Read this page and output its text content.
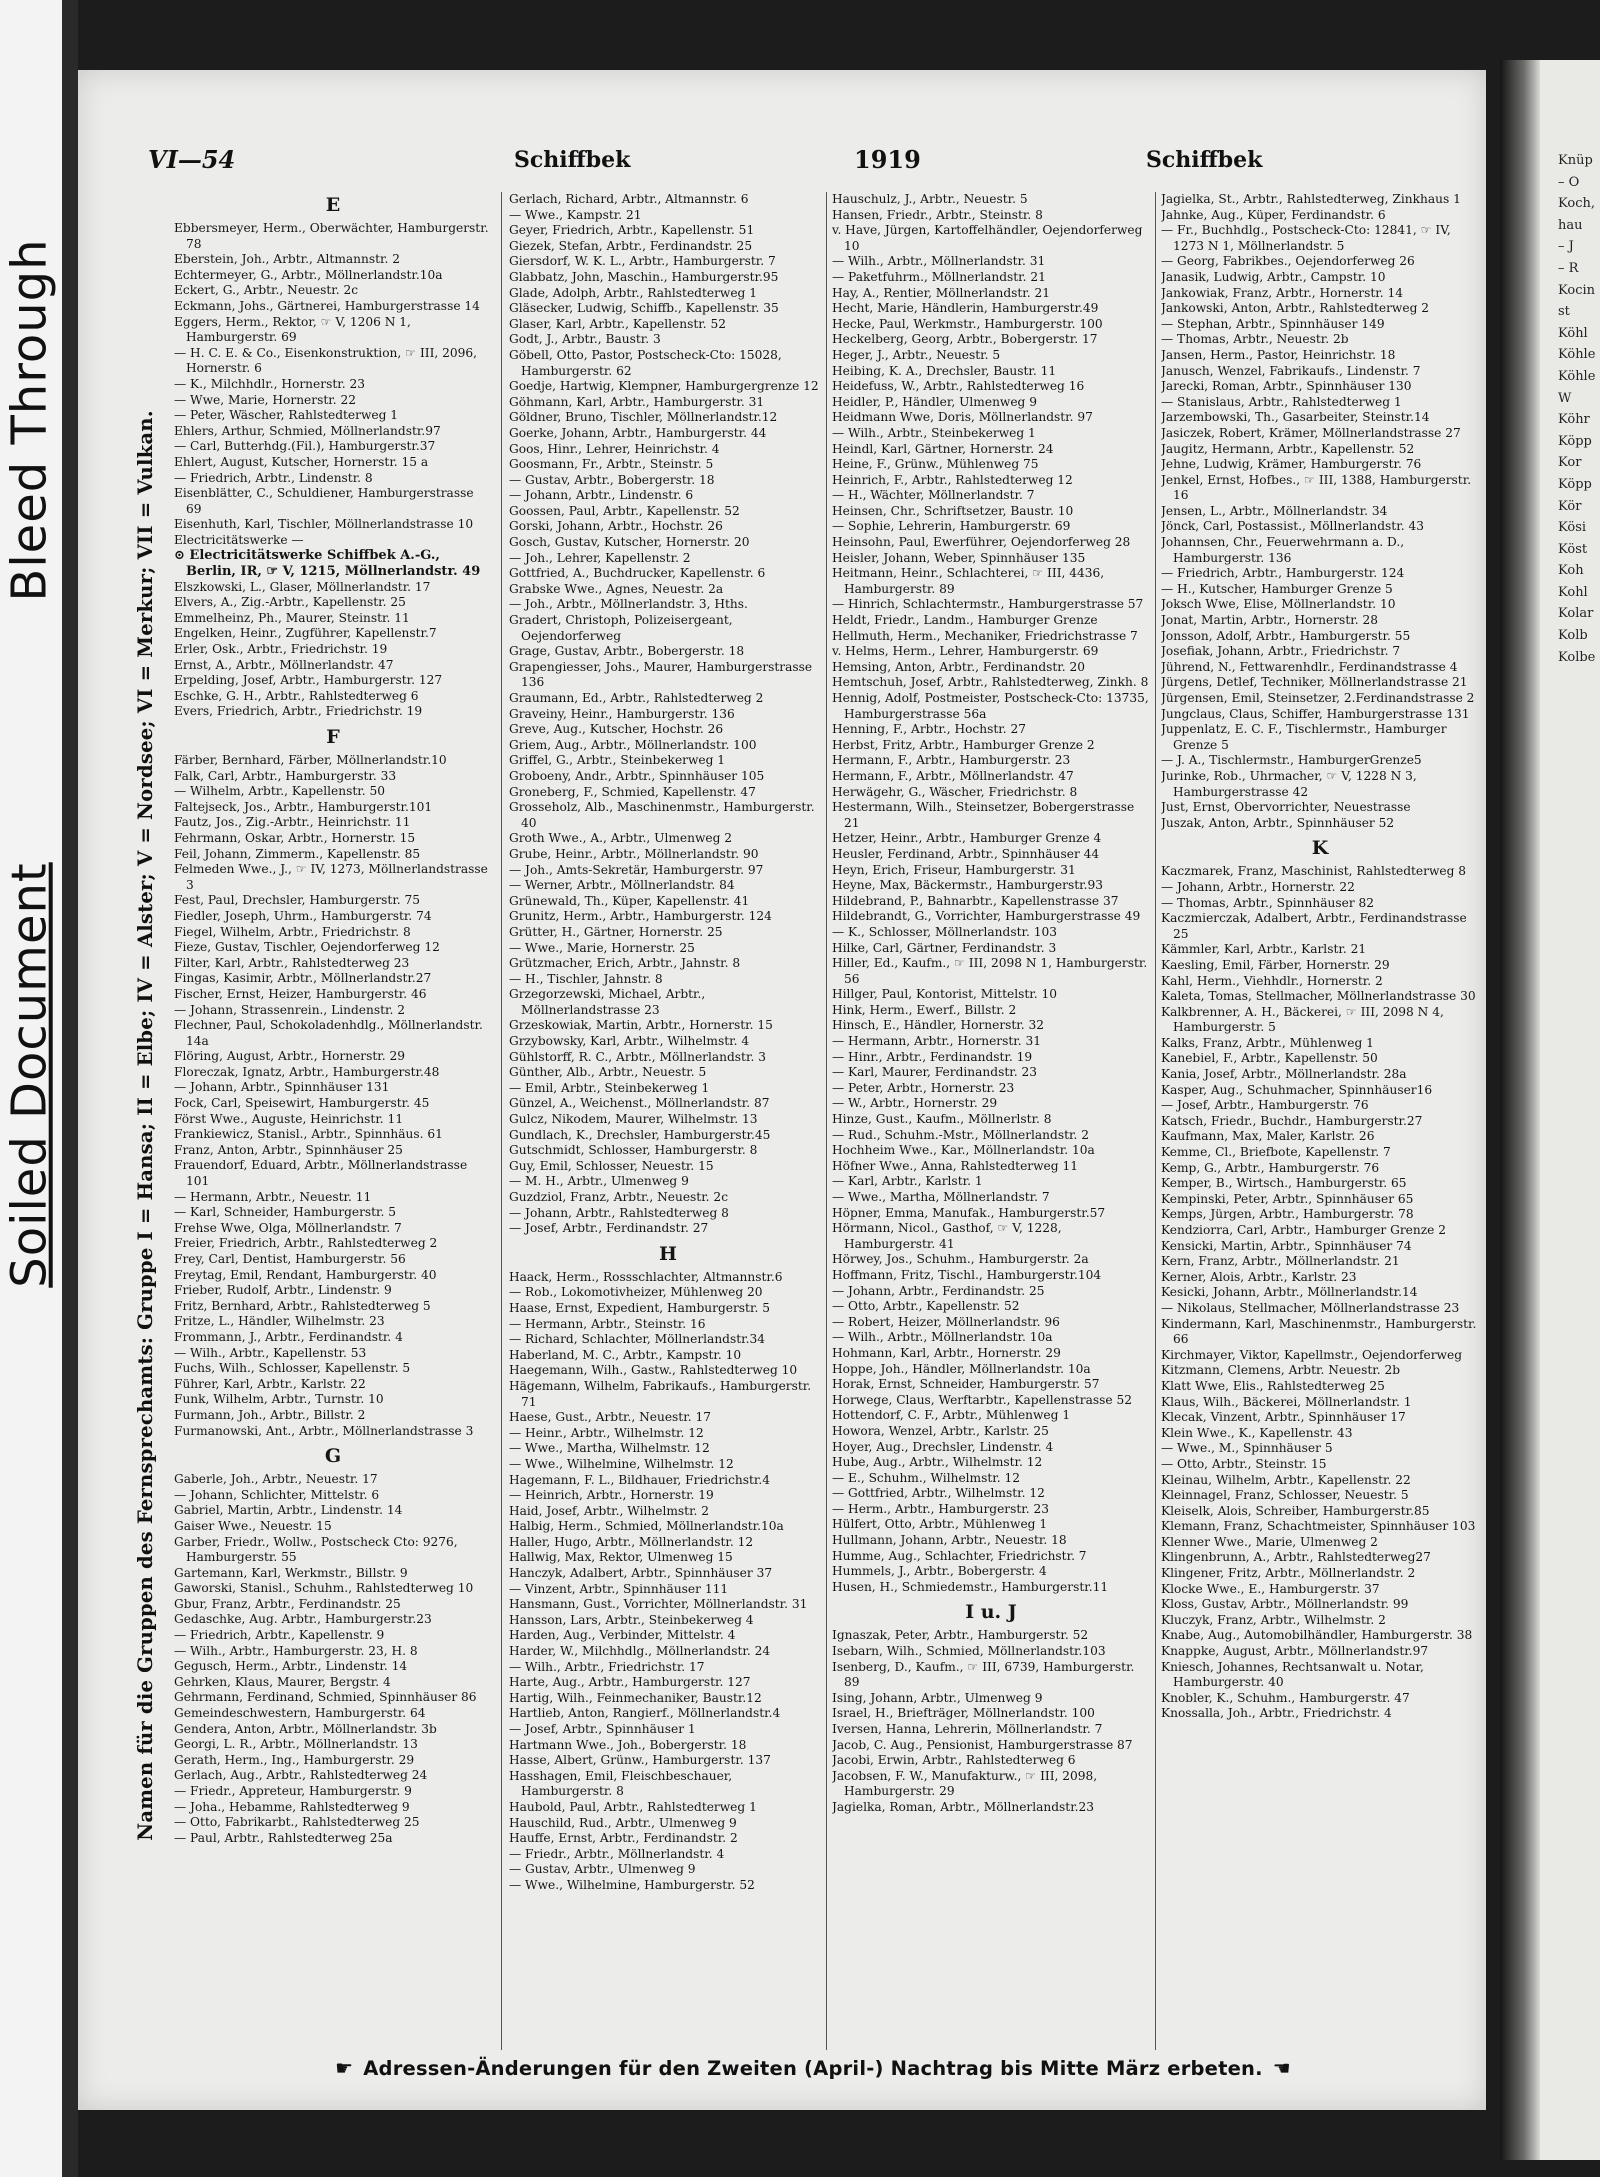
Bleed Through
Soiled Document
VI—54	Schiffbek	1919	Schiffbek
Namen für die Gruppen des Fernsprechamts: Gruppe I = Hansa; II = Elbe; IV = Alster; V = Nordsee; VI = Merkur; VII = Vulkan.
E
Ebbersmeyer, Herm., Oberwächter, Hamburgerstr. 78
Eberstein, Joh., Arbtr., Altmannstr. 2
Echtermeyer, G., Arbtr., Möllnerlandstr.10a
Eckert, G., Arbtr., Neuestr. 2c
Eckmann, Johs., Gärtnerei, Hamburgerstrasse 14
Eggers, Herm., Rektor, ☞ V, 1206 N 1, Hamburgerstr. 69
— H. C. E. & Co., Eisenkonstruktion, ☞ III, 2096, Hornerstr. 6
— K., Milchhdlr., Hornerstr. 23
— Wwe, Marie, Hornerstr. 22
— Peter, Wäscher, Rahlstedterweg 1
Ehlers, Arthur, Schmied, Möllnerlandstr.97
— Carl, Butterhdg.(Fil.), Hamburgerstr.37
Ehlert, August, Kutscher, Hornerstr. 15 a
— Friedrich, Arbtr., Lindenstr. 8
Eisenblätter, C., Schuldiener, Hamburgerstrasse 69
Eisenhuth, Karl, Tischler, Möllnerlandstrasse 10
Electricitätswerke —
⊙ Electricitätswerke Schiffbek A.-G., Berlin, IR, ☞ V, 1215, Möllnerlandstr. 49
Elszkowski, L., Glaser, Möllnerlandstr. 17
Elvers, A., Zig.-Arbtr., Kapellenstr. 25
Emmelheinz, Ph., Maurer, Steinstr. 11
Engelken, Heinr., Zugführer, Kapellenstr.7
Erler, Osk., Arbtr., Friedrichstr. 19
Ernst, A., Arbtr., Möllnerlandstr. 47
Erpelding, Josef, Arbtr., Hamburgerstr. 127
Eschke, G. H., Arbtr., Rahlstedterweg 6
Evers, Friedrich, Arbtr., Friedrichstr. 19
F
Färber, Bernhard, Färber, Möllnerlandstr.10
Falk, Carl, Arbtr., Hamburgerstr. 33
— Wilhelm, Arbtr., Kapellenstr. 50
Faltejseck, Jos., Arbtr., Hamburgerstr.101
Fautz, Jos., Zig.-Arbtr., Heinrichstr. 11
Fehrmann, Oskar, Arbtr., Hornerstr. 15
Feil, Johann, Zimmerm., Kapellenstr. 85
Felmeden Wwe., J., ☞ IV, 1273, Möllnerlandstrasse 3
Fest, Paul, Drechsler, Hamburgerstr. 75
Fiedler, Joseph, Uhrm., Hamburgerstr. 74
Fiegel, Wilhelm, Arbtr., Friedrichstr. 8
Fieze, Gustav, Tischler, Oejendorferweg 12
Filter, Karl, Arbtr., Rahlstedterweg 23
Fingas, Kasimir, Arbtr., Möllnerlandstr.27
Fischer, Ernst, Heizer, Hamburgerstr. 46
— Johann, Strassenrein., Lindenstr. 2
Flechner, Paul, Schokoladenhdlg., Möllnerlandstr. 14a
Flöring, August, Arbtr., Hornerstr. 29
Floreczak, Ignatz, Arbtr., Hamburgerstr.48
— Johann, Arbtr., Spinnhäuser 131
Fock, Carl, Speisewirt, Hamburgerstr. 45
Först Wwe., Auguste, Heinrichstr. 11
Frankiewicz, Stanisl., Arbtr., Spinnhäus. 61
Franz, Anton, Arbtr., Spinnhäuser 25
Frauendorf, Eduard, Arbtr., Möllnerlandstrasse 101
— Hermann, Arbtr., Neuestr. 11
— Karl, Schneider, Hamburgerstr. 5
Frehse Wwe, Olga, Möllnerlandstr. 7
Freier, Friedrich, Arbtr., Rahlstedterweg 2
Frey, Carl, Dentist, Hamburgerstr. 56
Freytag, Emil, Rendant, Hamburgerstr. 40
Frieber, Rudolf, Arbtr., Lindenstr. 9
Fritz, Bernhard, Arbtr., Rahlstedterweg 5
Fritze, L., Händler, Wilhelmstr. 23
Frommann, J., Arbtr., Ferdinandstr. 4
— Wilh., Arbtr., Kapellenstr. 53
Fuchs, Wilh., Schlosser, Kapellenstr. 5
Führer, Karl, Arbtr., Karlstr. 22
Funk, Wilhelm, Arbtr., Turnstr. 10
Furmann, Joh., Arbtr., Billstr. 2
Furmanowski, Ant., Arbtr., Möllnerlandstrasse 3
G
Gaberle, Joh., Arbtr., Neuestr. 17
— Johann, Schlichter, Mittelstr. 6
Gabriel, Martin, Arbtr., Lindenstr. 14
Gaiser Wwe., Neuestr. 15
Garber, Friedr., Wollw., Postscheck Cto: 9276, Hamburgerstr. 55
Gartemann, Karl, Werkmstr., Billstr. 9
Gaworski, Stanisl., Schuhm., Rahlstedterweg 10
Gbur, Franz, Arbtr., Ferdinandstr. 25
Gedaschke, Aug. Arbtr., Hamburgerstr.23
— Friedrich, Arbtr., Kapellenstr. 9
— Wilh., Arbtr., Hamburgerstr. 23, H. 8
Gegusch, Herm., Arbtr., Lindenstr. 14
Gehrken, Klaus, Maurer, Bergstr. 4
Gehrmann, Ferdinand, Schmied, Spinnhäuser 86
Gemeindeschwestern, Hamburgerstr. 64
Gendera, Anton, Arbtr., Möllnerlandstr. 3b
Georgi, L. R., Arbtr., Möllnerlandstr. 13
Gerath, Herm., Ing., Hamburgerstr. 29
Gerlach, Aug., Arbtr., Rahlstedterweg 24
— Friedr., Appreteur, Hamburgerstr. 9
— Joha., Hebamme, Rahlstedterweg 9
— Otto, Fabrikarbt., Rahlstedterweg 25
— Paul, Arbtr., Rahlstedterweg 25a
Gerlach, Richard, Arbtr., Altmannstr. 6
— Wwe., Kampstr. 21
Geyer, Friedrich, Arbtr., Kapellenstr. 51
Giezek, Stefan, Arbtr., Ferdinandstr. 25
Giersdorf, W. K. L., Arbtr., Hamburgerstr. 7
Glabbatz, John, Maschin., Hamburgerstr.95
Glade, Adolph, Arbtr., Rahlstedterweg 1
Gläsecker, Ludwig, Schiffb., Kapellenstr. 35
Glaser, Karl, Arbtr., Kapellenstr. 52
Godt, J., Arbtr., Baustr. 3
Göbell, Otto, Pastor, Postscheck-Cto: 15028, Hamburgerstr. 62
Goedje, Hartwig, Klempner, Hamburgergrenze 12
Göhmann, Karl, Arbtr., Hamburgerstr. 31
Göldner, Bruno, Tischler, Möllnerlandstr.12
Goerke, Johann, Arbtr., Hamburgerstr. 44
Goos, Hinr., Lehrer, Heinrichstr. 4
Goosmann, Fr., Arbtr., Steinstr. 5
— Gustav, Arbtr., Bobergerstr. 18
— Johann, Arbtr., Lindenstr. 6
Goossen, Paul, Arbtr., Kapellenstr. 52
Gorski, Johann, Arbtr., Hochstr. 26
Gosch, Gustav, Kutscher, Hornerstr. 20
— Joh., Lehrer, Kapellenstr. 2
Gottfried, A., Buchdrucker, Kapellenstr. 6
Grabske Wwe., Agnes, Neuestr. 2a
— Joh., Arbtr., Möllnerlandstr. 3, Hths.
Gradert, Christoph, Polizeisergeant, Oejendorferweg
Grage, Gustav, Arbtr., Bobergerstr. 18
Grapengiesser, Johs., Maurer, Hamburgerstrasse 136
Graumann, Ed., Arbtr., Rahlstedterweg 2
Graveiny, Heinr., Hamburgerstr. 136
Greve, Aug., Kutscher, Hochstr. 26
Griem, Aug., Arbtr., Möllnerlandstr. 100
Griffel, G., Arbtr., Steinbekerweg 1
Groboeny, Andr., Arbtr., Spinnhäuser 105
Groneberg, F., Schmied, Kapellenstr. 47
Grosseholz, Alb., Maschinenmstr., Hamburgerstr. 40
Groth Wwe., A., Arbtr., Ulmenweg 2
Grube, Heinr., Arbtr., Möllnerlandstr. 90
— Joh., Amts-Sekretär, Hamburgerstr. 97
— Werner, Arbtr., Möllnerlandstr. 84
Grünewald, Th., Küper, Kapellenstr. 41
Grunitz, Herm., Arbtr., Hamburgerstr. 124
Grütter, H., Gärtner, Hornerstr. 25
— Wwe., Marie, Hornerstr. 25
Grützmacher, Erich, Arbtr., Jahnstr. 8
— H., Tischler, Jahnstr. 8
Grzegorzewski, Michael, Arbtr., Möllnerlandstrasse 23
Grzeskowiak, Martin, Arbtr., Hornerstr. 15
Grzybowsky, Karl, Arbtr., Wilhelmstr. 4
Gühlstorff, R. C., Arbtr., Möllnerlandstr. 3
Günther, Alb., Arbtr., Neuestr. 5
— Emil, Arbtr., Steinbekerweg 1
Günzel, A., Weichenst., Möllnerlandstr. 87
Gulcz, Nikodem, Maurer, Wilhelmstr. 13
Gundlach, K., Drechsler, Hamburgerstr.45
Gutschmidt, Schlosser, Hamburgerstr. 8
Guy, Emil, Schlosser, Neuestr. 15
— M. H., Arbtr., Ulmenweg 9
Guzdziol, Franz, Arbtr., Neuestr. 2c
— Johann, Arbtr., Rahlstedterweg 8
— Josef, Arbtr., Ferdinandstr. 27
H
Haack, Herm., Rossschlachter, Altmannstr.6
— Rob., Lokomotivheizer, Mühlenweg 20
Haase, Ernst, Expedient, Hamburgerstr. 5
— Hermann, Arbtr., Steinstr. 16
— Richard, Schlachter, Möllnerlandstr.34
Haberland, M. C., Arbtr., Kampstr. 10
Haegemann, Wilh., Gastw., Rahlstedterweg 10
Hägemann, Wilhelm, Fabrikaufs., Hamburgerstr. 71
Haese, Gust., Arbtr., Neuestr. 17
— Heinr., Arbtr., Wilhelmstr. 12
— Wwe., Martha, Wilhelmstr. 12
— Wwe., Wilhelmine, Wilhelmstr. 12
Hagemann, F. L., Bildhauer, Friedrichstr.4
— Heinrich, Arbtr., Hornerstr. 19
Haid, Josef, Arbtr., Wilhelmstr. 2
Halbig, Herm., Schmied, Möllnerlandstr.10a
Haller, Hugo, Arbtr., Möllnerlandstr. 12
Hallwig, Max, Rektor, Ulmenweg 15
Hanczyk, Adalbert, Arbtr., Spinnhäuser 37
— Vinzent, Arbtr., Spinnhäuser 111
Hansmann, Gust., Vorrichter, Möllnerlandstr. 31
Hansson, Lars, Arbtr., Steinbekerweg 4
Harden, Aug., Verbinder, Mittelstr. 4
Harder, W., Milchhdlg., Möllnerlandstr. 24
— Wilh., Arbtr., Friedrichstr. 17
Harte, Aug., Arbtr., Hamburgerstr. 127
Hartig, Wilh., Feinmechaniker, Baustr.12
Hartlieb, Anton, Rangierf., Möllnerlandstr.4
— Josef, Arbtr., Spinnhäuser 1
Hartmann Wwe., Joh., Bobergerstr. 18
Hasse, Albert, Grünw., Hamburgerstr. 137
Hasshagen, Emil, Fleischbeschauer, Hamburgerstr. 8
Haubold, Paul, Arbtr., Rahlstedterweg 1
Hauschild, Rud., Arbtr., Ulmenweg 9
Hauffe, Ernst, Arbtr., Ferdinandstr. 2
— Friedr., Arbtr., Möllnerlandstr. 4
— Gustav, Arbtr., Ulmenweg 9
— Wwe., Wilhelmine, Hamburgerstr. 52
Hauschulz, J., Arbtr., Neuestr. 5
Hansen, Friedr., Arbtr., Steinstr. 8
v. Have, Jürgen, Kartoffelhändler, Oejendorferweg 10
— Wilh., Arbtr., Möllnerlandstr. 31
— Paketfuhrm., Möllnerlandstr. 21
Hay, A., Rentier, Möllnerlandstr. 21
Hecht, Marie, Händlerin, Hamburgerstr.49
Hecke, Paul, Werkmstr., Hamburgerstr. 100
Heckelberg, Georg, Arbtr., Bobergerstr. 17
Heger, J., Arbtr., Neuestr. 5
Heibing, K. A., Drechsler, Baustr. 11
Heidefuss, W., Arbtr., Rahlstedterweg 16
Heidler, P., Händler, Ulmenweg 9
Heidmann Wwe, Doris, Möllnerlandstr. 97
— Wilh., Arbtr., Steinbekerweg 1
Heindl, Karl, Gärtner, Hornerstr. 24
Heine, F., Grünw., Mühlenweg 75
Heinrich, F., Arbtr., Rahlstedterweg 12
— H., Wächter, Möllnerlandstr. 7
Heinsen, Chr., Schriftsetzer, Baustr. 10
— Sophie, Lehrerin, Hamburgerstr. 69
Heinsohn, Paul, Ewerführer, Oejendorferweg 28
Heisler, Johann, Weber, Spinnhäuser 135
Heitmann, Heinr., Schlachterei, ☞ III, 4436, Hamburgerstr. 89
— Hinrich, Schlachtermstr., Hamburgerstrasse 57
Heldt, Friedr., Landm., Hamburger Grenze
Hellmuth, Herm., Mechaniker, Friedrichstrasse 7
v. Helms, Herm., Lehrer, Hamburgerstr. 69
Hemsing, Anton, Arbtr., Ferdinandstr. 20
Hemtschuh, Josef, Arbtr., Rahlstedterweg, Zinkh. 8
Hennig, Adolf, Postmeister, Postscheck-Cto: 13735, Hamburgerstrasse 56a
Henning, F., Arbtr., Hochstr. 27
Herbst, Fritz, Arbtr., Hamburger Grenze 2
Hermann, F., Arbtr., Hamburgerstr. 23
Hermann, F., Arbtr., Möllnerlandstr. 47
Herwägehr, G., Wäscher, Friedrichstr. 8
Hestermann, Wilh., Steinsetzer, Bobergerstrasse 21
Hetzer, Heinr., Arbtr., Hamburger Grenze 4
Heusler, Ferdinand, Arbtr., Spinnhäuser 44
Heyn, Erich, Friseur, Hamburgerstr. 31
Heyne, Max, Bäckermstr., Hamburgerstr.93
Hildebrand, P., Bahnarbtr., Kapellenstrasse 37
Hildebrandt, G., Vorrichter, Hamburgerstrasse 49
— K., Schlosser, Möllnerlandstr. 103
Hilke, Carl, Gärtner, Ferdinandstr. 3
Hiller, Ed., Kaufm., ☞ III, 2098 N 1, Hamburgerstr. 56
Hillger, Paul, Kontorist, Mittelstr. 10
Hink, Herm., Ewerf., Billstr. 2
Hinsch, E., Händler, Hornerstr. 32
— Hermann, Arbtr., Hornerstr. 31
— Hinr., Arbtr., Ferdinandstr. 19
— Karl, Maurer, Ferdinandstr. 23
— Peter, Arbtr., Hornerstr. 23
— W., Arbtr., Hornerstr. 29
Hinze, Gust., Kaufm., Möllnerlstr. 8
— Rud., Schuhm.-Mstr., Möllnerlandstr. 2
Hochheim Wwe., Kar., Möllnerlandstr. 10a
Höfner Wwe., Anna, Rahlstedterweg 11
— Karl, Arbtr., Karlstr. 1
— Wwe., Martha, Möllnerlandstr. 7
Höpner, Emma, Manufak., Hamburgerstr.57
Hörmann, Nicol., Gasthof, ☞ V, 1228, Hamburgerstr. 41
Hörwey, Jos., Schuhm., Hamburgerstr. 2a
Hoffmann, Fritz, Tischl., Hamburgerstr.104
— Johann, Arbtr., Ferdinandstr. 25
— Otto, Arbtr., Kapellenstr. 52
— Robert, Heizer, Möllnerlandstr. 96
— Wilh., Arbtr., Möllnerlandstr. 10a
Hohmann, Karl, Arbtr., Hornerstr. 29
Hoppe, Joh., Händler, Möllnerlandstr. 10a
Horak, Ernst, Schneider, Hamburgerstr. 57
Horwege, Claus, Werftarbtr., Kapellenstrasse 52
Hottendorf, C. F., Arbtr., Mühlenweg 1
Howora, Wenzel, Arbtr., Karlstr. 25
Hoyer, Aug., Drechsler, Lindenstr. 4
Hube, Aug., Arbtr., Wilhelmstr. 12
— E., Schuhm., Wilhelmstr. 12
— Gottfried, Arbtr., Wilhelmstr. 12
— Herm., Arbtr., Hamburgerstr. 23
Hülfert, Otto, Arbtr., Mühlenweg 1
Hullmann, Johann, Arbtr., Neuestr. 18
Humme, Aug., Schlachter, Friedrichstr. 7
Hummels, J., Arbtr., Bobergerstr. 4
Husen, H., Schmiedemstr., Hamburgerstr.11
I u. J
Ignaszak, Peter, Arbtr., Hamburgerstr. 52
Isebarn, Wilh., Schmied, Möllnerlandstr.103
Isenberg, D., Kaufm., ☞ III, 6739, Hamburgerstr. 89
Ising, Johann, Arbtr., Ulmenweg 9
Israel, H., Briefträger, Möllnerlandstr. 100
Iversen, Hanna, Lehrerin, Möllnerlandstr. 7
Jacob, C. Aug., Pensionist, Hamburgerstrasse 87
Jacobi, Erwin, Arbtr., Rahlstedterweg 6
Jacobsen, F. W., Manufakturw., ☞ III, 2098, Hamburgerstr. 29
Jagielka, Roman, Arbtr., Möllnerlandstr.23
Jagielka, St., Arbtr., Rahlstedterweg, Zinkhaus 1
Jahnke, Aug., Küper, Ferdinandstr. 6
— Fr., Buchhdlg., Postscheck-Cto: 12841, ☞ IV, 1273 N 1, Möllnerlandstr. 5
— Georg, Fabrikbes., Oejendorferweg 26
Janasik, Ludwig, Arbtr., Campstr. 10
Jankowiak, Franz, Arbtr., Hornerstr. 14
Jankowski, Anton, Arbtr., Rahlstedterweg 2
— Stephan, Arbtr., Spinnhäuser 149
— Thomas, Arbtr., Neuestr. 2b
Jansen, Herm., Pastor, Heinrichstr. 18
Janusch, Wenzel, Fabrikaufs., Lindenstr. 7
Jarecki, Roman, Arbtr., Spinnhäuser 130
— Stanislaus, Arbtr., Rahlstedterweg 1
Jarzembowski, Th., Gasarbeiter, Steinstr.14
Jasiczek, Robert, Krämer, Möllnerlandstrasse 27
Jaugitz, Hermann, Arbtr., Kapellenstr. 52
Jehne, Ludwig, Krämer, Hamburgerstr. 76
Jenkel, Ernst, Hofbes., ☞ III, 1388, Hamburgerstr. 16
Jensen, L., Arbtr., Möllnerlandstr. 34
Jönck, Carl, Postassist., Möllnerlandstr. 43
Johannsen, Chr., Feuerwehrmann a. D., Hamburgerstr. 136
— Friedrich, Arbtr., Hamburgerstr. 124
— H., Kutscher, Hamburger Grenze 5
Joksch Wwe, Elise, Möllnerlandstr. 10
Jonat, Martin, Arbtr., Hornerstr. 28
Jonsson, Adolf, Arbtr., Hamburgerstr. 55
Josefiak, Johann, Arbtr., Friedrichstr. 7
Jührend, N., Fettwarenhdlr., Ferdinandstrasse 4
Jürgens, Detlef, Techniker, Möllnerlandstrasse 21
Jürgensen, Emil, Steinsetzer, 2.Ferdinandstrasse 2
Jungclaus, Claus, Schiffer, Hamburgerstrasse 131
Juppenlatz, E. C. F., Tischlermstr., Hamburger Grenze 5
— J. A., Tischlermstr., HamburgerGrenze5
Jurinke, Rob., Uhrmacher, ☞ V, 1228 N 3, Hamburgerstrasse 42
Just, Ernst, Obervorrichter, Neuestrasse
Juszak, Anton, Arbtr., Spinnhäuser 52
K
Kaczmarek, Franz, Maschinist, Rahlstedterweg 8
— Johann, Arbtr., Hornerstr. 22
— Thomas, Arbtr., Spinnhäuser 82
Kaczmierczak, Adalbert, Arbtr., Ferdinandstrasse 25
Kämmler, Karl, Arbtr., Karlstr. 21
Kaesling, Emil, Färber, Hornerstr. 29
Kahl, Herm., Viehhdlr., Hornerstr. 2
Kaleta, Tomas, Stellmacher, Möllnerlandstrasse 30
Kalkbrenner, A. H., Bäckerei, ☞ III, 2098 N 4, Hamburgerstr. 5
Kalks, Franz, Arbtr., Mühlenweg 1
Kanebiel, F., Arbtr., Kapellenstr. 50
Kania, Josef, Arbtr., Möllnerlandstr. 28a
Kasper, Aug., Schuhmacher, Spinnhäuser16
— Josef, Arbtr., Hamburgerstr. 76
Katsch, Friedr., Buchdr., Hamburgerstr.27
Kaufmann, Max, Maler, Karlstr. 26
Kemme, Cl., Briefbote, Kapellenstr. 7
Kemp, G., Arbtr., Hamburgerstr. 76
Kemper, B., Wirtsch., Hamburgerstr. 65
Kempinski, Peter, Arbtr., Spinnhäuser 65
Kemps, Jürgen, Arbtr., Hamburgerstr. 78
Kendziorra, Carl, Arbtr., Hamburger Grenze 2
Kensicki, Martin, Arbtr., Spinnhäuser 74
Kern, Franz, Arbtr., Möllnerlandstr. 21
Kerner, Alois, Arbtr., Karlstr. 23
Kesicki, Johann, Arbtr., Möllnerlandstr.14
— Nikolaus, Stellmacher, Möllnerlandstrasse 23
Kindermann, Karl, Maschinenmstr., Hamburgerstr. 66
Kirchmayer, Viktor, Kapellmstr., Oejendorferweg
Kitzmann, Clemens, Arbtr. Neuestr. 2b
Klatt Wwe, Elis., Rahlstedterweg 25
Klaus, Wilh., Bäckerei, Möllnerlandstr. 1
Klecak, Vinzent, Arbtr., Spinnhäuser 17
Klein Wwe., K., Kapellenstr. 43
— Wwe., M., Spinnhäuser 5
— Otto, Arbtr., Steinstr. 15
Kleinau, Wilhelm, Arbtr., Kapellenstr. 22
Kleinnagel, Franz, Schlosser, Neuestr. 5
Kleiselk, Alois, Schreiber, Hamburgerstr.85
Klemann, Franz, Schachtmeister, Spinnhäuser 103
Klenner Wwe., Marie, Ulmenweg 2
Klingenbrunn, A., Arbtr., Rahlstedterweg27
Klingener, Fritz, Arbtr., Möllnerlandstr. 2
Klocke Wwe., E., Hamburgerstr. 37
Kloss, Gustav, Arbtr., Möllnerlandstr. 99
Kluczyk, Franz, Arbtr., Wilhelmstr. 2
Knabe, Aug., Automobilhändler, Hamburgerstr. 38
Knappke, August, Arbtr., Möllnerlandstr.97
Kniesch, Johannes, Rechtsanwalt u. Notar, Hamburgerstr. 40
Knobler, K., Schuhm., Hamburgerstr. 47
Knossalla, Joh., Arbtr., Friedrichstr. 4
☛ Adressen-Änderungen für den Zweiten (April-) Nachtrag bis Mitte März erbeten. ☚
Knüp
– O
Koch,
hau
– J
– R
Kocin
st
Köhl
Köhle
Köhle
W
Köhr
Köpp
Kor
Köpp
Kör
Kösi
Köst
Koh
Kohl
Kolar
Kolb
Kolbe
